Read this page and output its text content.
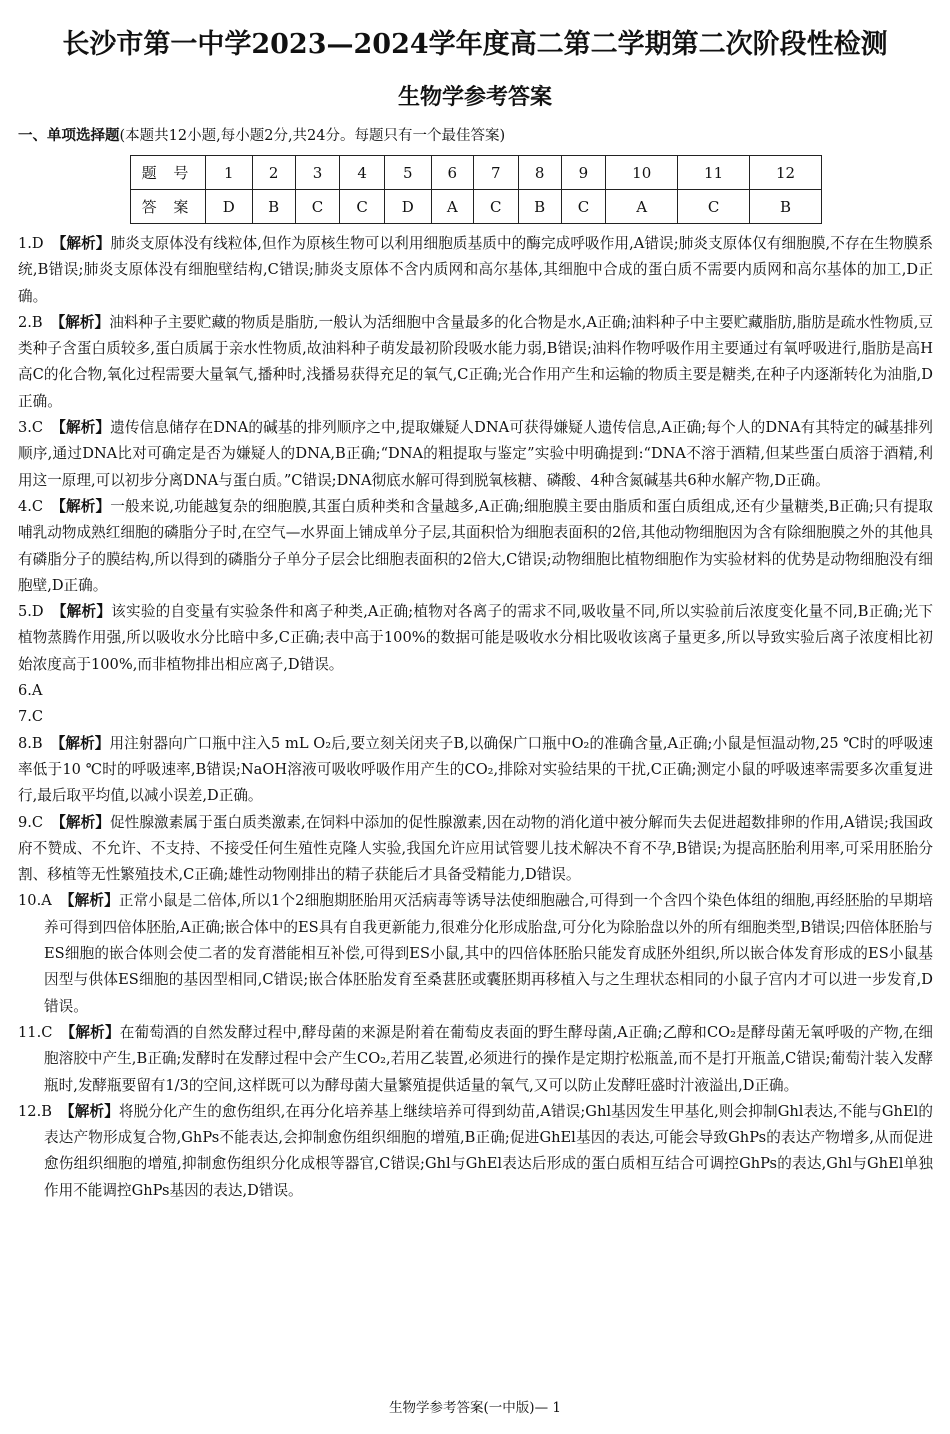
长沙市第一中学2023—2024学年度高二第二学期第二次阶段性检测
生物学参考答案
一、单项选择题(本题共12小题,每小题2分,共24分。每题只有一个最佳答案)
题 号	1	2	3	4	5	6	7	8	9	10	11	12
答 案	D	B	C	C	D	A	C	B	C	A	C	B
1.D 【解析】肺炎支原体没有线粒体,但作为原核生物可以利用细胞质基质中的酶完成呼吸作用,A错误;肺炎支原体仅有细胞膜,不存在生物膜系统,B错误;肺炎支原体没有细胞壁结构,C错误;肺炎支原体不含内质网和高尔基体,其细胞中合成的蛋白质不需要内质网和高尔基体的加工,D正确。
2.B 【解析】油料种子主要贮藏的物质是脂肪,一般认为活细胞中含量最多的化合物是水,A正确;油料种子中主要贮藏脂肪,脂肪是疏水性物质,豆类种子含蛋白质较多,蛋白质属于亲水性物质,故油料种子萌发最初阶段吸水能力弱,B错误;油料作物呼吸作用主要通过有氧呼吸进行,脂肪是高H高C的化合物,氧化过程需要大量氧气,播种时,浅播易获得充足的氧气,C正确;光合作用产生和运输的物质主要是糖类,在种子内逐渐转化为油脂,D正确。
3.C 【解析】遗传信息储存在DNA的碱基的排列顺序之中,提取嫌疑人DNA可获得嫌疑人遗传信息,A正确;每个人的DNA有其特定的碱基排列顺序,通过DNA比对可确定是否为嫌疑人的DNA,B正确;“DNA的粗提取与鉴定”实验中明确提到:“DNA不溶于酒精,但某些蛋白质溶于酒精,利用这一原理,可以初步分离DNA与蛋白质。”C错误;DNA彻底水解可得到脱氧核糖、磷酸、4种含氮碱基共6种水解产物,D正确。
4.C 【解析】一般来说,功能越复杂的细胞膜,其蛋白质种类和含量越多,A正确;细胞膜主要由脂质和蛋白质组成,还有少量糖类,B正确;只有提取哺乳动物成熟红细胞的磷脂分子时,在空气—水界面上铺成单分子层,其面积恰为细胞表面积的2倍,其他动物细胞因为含有除细胞膜之外的其他具有磷脂分子的膜结构,所以得到的磷脂分子单分子层会比细胞表面积的2倍大,C错误;动物细胞比植物细胞作为实验材料的优势是动物细胞没有细胞壁,D正确。
5.D 【解析】该实验的自变量有实验条件和离子种类,A正确;植物对各离子的需求不同,吸收量不同,所以实验前后浓度变化量不同,B正确;光下植物蒸腾作用强,所以吸收水分比暗中多,C正确;表中高于100%的数据可能是吸收水分相比吸收该离子量更多,所以导致实验后离子浓度相比初始浓度高于100%,而非植物排出相应离子,D错误。
6.A
7.C
8.B 【解析】用注射器向广口瓶中注入5 mL O₂后,要立刻关闭夹子B,以确保广口瓶中O₂的准确含量,A正确;小鼠是恒温动物,25 ℃时的呼吸速率低于10 ℃时的呼吸速率,B错误;NaOH溶液可吸收呼吸作用产生的CO₂,排除对实验结果的干扰,C正确;测定小鼠的呼吸速率需要多次重复进行,最后取平均值,以减小误差,D正确。
9.C 【解析】促性腺激素属于蛋白质类激素,在饲料中添加的促性腺激素,因在动物的消化道中被分解而失去促进超数排卵的作用,A错误;我国政府不赞成、不允许、不支持、不接受任何生殖性克隆人实验,我国允许应用试管婴儿技术解决不育不孕,B错误;为提高胚胎利用率,可采用胚胎分割、移植等无性繁殖技术,C正确;雄性动物刚排出的精子获能后才具备受精能力,D错误。
10.A 【解析】正常小鼠是二倍体,所以1个2细胞期胚胎用灭活病毒等诱导法使细胞融合,可得到一个含四个染色体组的细胞,再经胚胎的早期培养可得到四倍体胚胎,A正确;嵌合体中的ES具有自我更新能力,很难分化形成胎盘,可分化为除胎盘以外的所有细胞类型,B错误;四倍体胚胎与ES细胞的嵌合体则会使二者的发育潜能相互补偿,可得到ES小鼠,其中的四倍体胚胎只能发育成胚外组织,所以嵌合体发育形成的ES小鼠基因型与供体ES细胞的基因型相同,C错误;嵌合体胚胎发育至桑葚胚或囊胚期再移植入与之生理状态相同的小鼠子宫内才可以进一步发育,D错误。
11.C 【解析】在葡萄酒的自然发酵过程中,酵母菌的来源是附着在葡萄皮表面的野生酵母菌,A正确;乙醇和CO₂是酵母菌无氧呼吸的产物,在细胞溶胶中产生,B正确;发酵时在发酵过程中会产生CO₂,若用乙装置,必须进行的操作是定期拧松瓶盖,而不是打开瓶盖,C错误;葡萄汁装入发酵瓶时,发酵瓶要留有1/3的空间,这样既可以为酵母菌大量繁殖提供适量的氧气,又可以防止发酵旺盛时汁液溢出,D正确。
12.B 【解析】将脱分化产生的愈伤组织,在再分化培养基上继续培养可得到幼苗,A错误;Ghl基因发生甲基化,则会抑制Ghl表达,不能与GhEl的表达产物形成复合物,GhPs不能表达,会抑制愈伤组织细胞的增殖,B正确;促进GhEl基因的表达,可能会导致GhPs的表达产物增多,从而促进愈伤组织细胞的增殖,抑制愈伤组织分化成根等器官,C错误;Ghl与GhEl表达后形成的蛋白质相互结合可调控GhPs的表达,Ghl与GhEl单独作用不能调控GhPs基因的表达,D错误。
生物学参考答案(一中版)— 1
